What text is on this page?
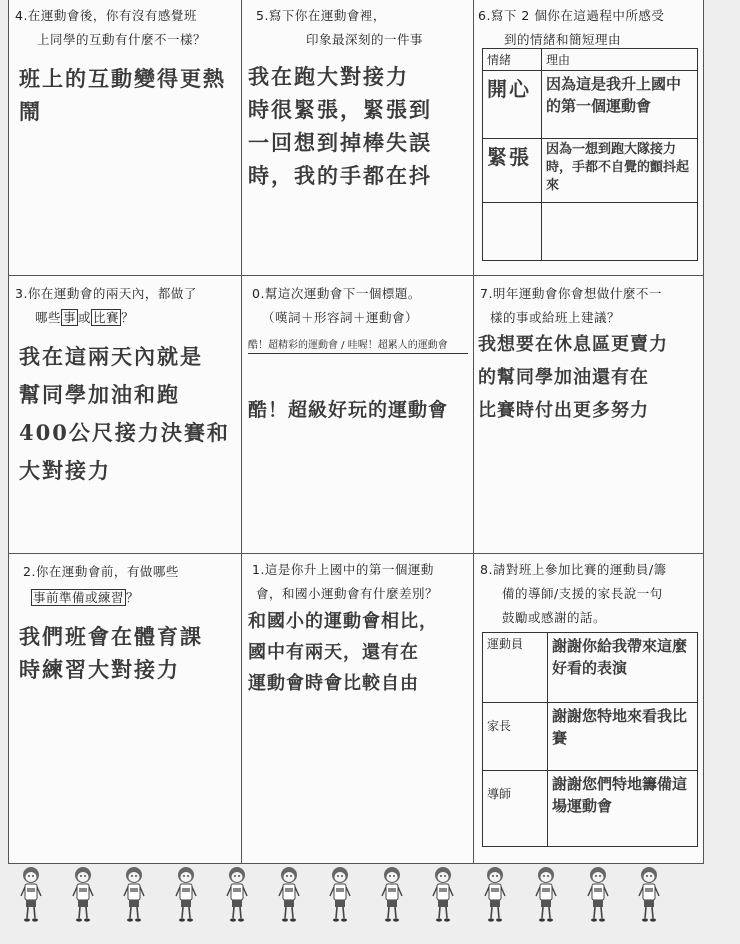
4.在運動會後，你有沒有感覺班
上同學的互動有什麼不一樣？
班上的互動變得更熱鬧
5.寫下你在運動會裡，
印象最深刻的一件事
我在跑大對接力
時很緊張，緊張到
一回想到掉棒失誤
時，我的手都在抖
6.寫下 2 個你在這過程中所感受
到的情緒和簡短理由
情緒	理由
開心	因為這是我升上國中的第一個運動會
緊張	因為一想到跑大隊接力時，手都不自覺的顫抖起來

3.你在運動會的兩天內，都做了
哪些 事 或 比賽 ？
我在這兩天內就是
幫同學加油和跑
400公尺接力決賽和
大對接力
0.幫這次運動會下一個標題。
（嘆詞＋形容詞＋運動會）
酷！超精彩的運動會 / 哇喔！超累人的運動會
酷！超級好玩的運動會
7.明年運動會你會想做什麼不一
樣的事或給班上建議？
我想要在休息區更賣力
的幫同學加油還有在
比賽時付出更多努力
2.你在運動會前，有做哪些
事前準備或練習 ？
我們班會在體育課
時練習大對接力
1.這是你升上國中的第一個運動
會，和國小運動會有什麼差別？
和國小的運動會相比，
國中有兩天，還有在
運動會時會比較自由
8.請對班上參加比賽的運動員/籌
備的導師/支援的家長說一句
鼓勵或感謝的話。
運動員	謝謝你給我帶來這麼好看的表演
家長	謝謝您特地來看我比賽
導師	謝謝您們特地籌備這場運動會
